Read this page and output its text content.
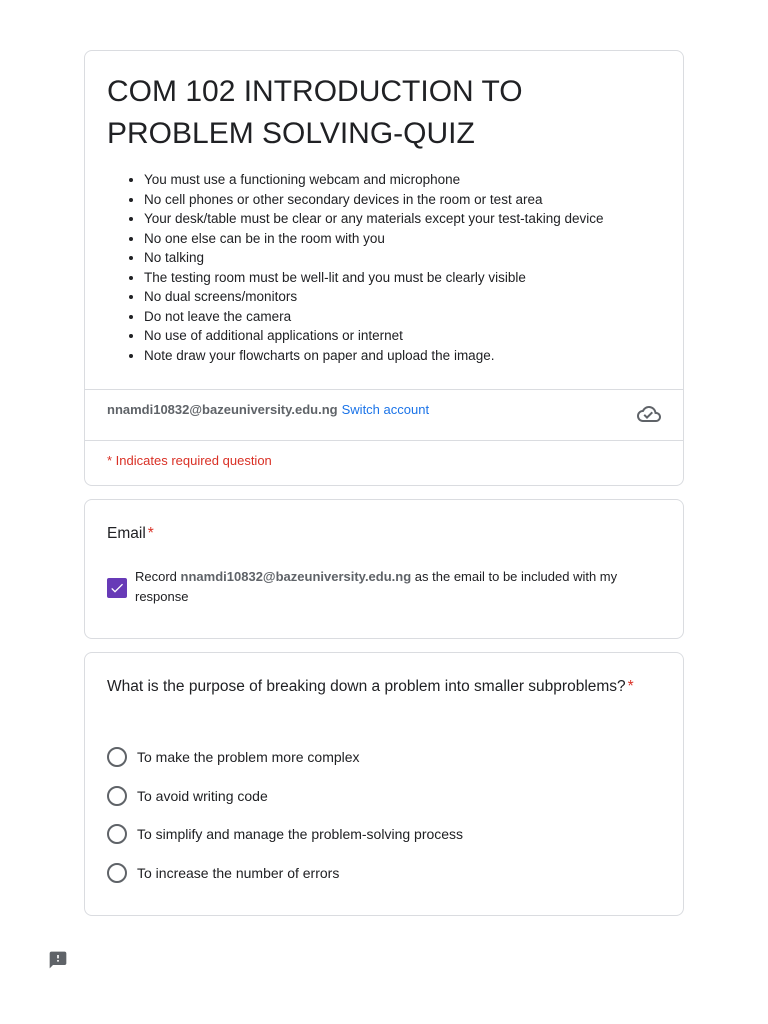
COM 102 INTRODUCTION TO PROBLEM SOLVING-QUIZ
• You must use a functioning webcam and microphone
• No cell phones or other secondary devices in the room or test area
• Your desk/table must be clear or any materials except your test-taking device
• No one else can be in the room with you
• No talking
• The testing room must be well-lit and you must be clearly visible
• No dual screens/monitors
• Do not leave the camera
• No use of additional applications or internet
• Note draw your flowcharts on paper and upload the image.
nnamdi10832@bazeuniversity.edu.ng Switch account
* Indicates required question
Email *
Record nnamdi10832@bazeuniversity.edu.ng as the email to be included with my response
What is the purpose of breaking down a problem into smaller subproblems? *
To make the problem more complex
To avoid writing code
To simplify and manage the problem-solving process
To increase the number of errors
